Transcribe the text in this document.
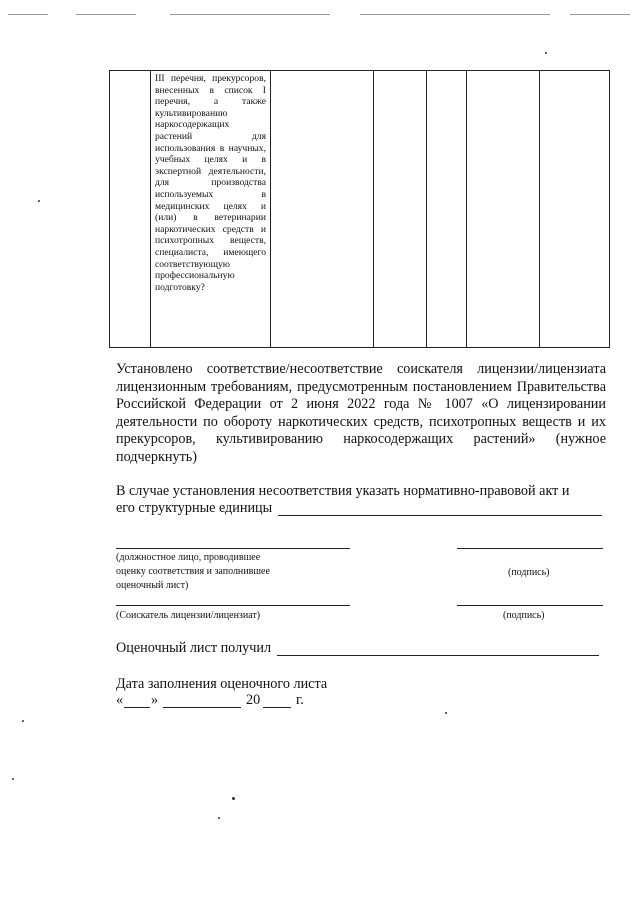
III перечня, прекурсоров, внесенных в список I перечня, а также культивированию наркосодержащих растений для использования в научных, учебных целях и в экспертной деятельности, для производства используемых в медицинских целях и (или) в ветеринарии наркотических средств и психотропных веществ, специалиста, имеющего соответствующую профессиональную подготовку?

Установлено соответствие/несоответствие соискателя лицензии/лицензиата лицензионным требованиям, предусмотренным постановлением Правительства Российской Федерации от 2 июня 2022 года № 1007 «О лицензировании деятельности по обороту наркотических средств, психотропных веществ и их прекурсоров, культивированию наркосодержащих растений» (нужное подчеркнуть)
В случае установления несоответствия указать нормативно-правовой акт и
его структурные единицы
(должностное лицо, проводившее
оценку соответствия и заполнившее
оценочный лист)
(подпись)
(Соискатель лицензии/лицензиат)	(подпись)
Оценочный лист получил
Дата заполнения оценочного листа
« »	20	г.
